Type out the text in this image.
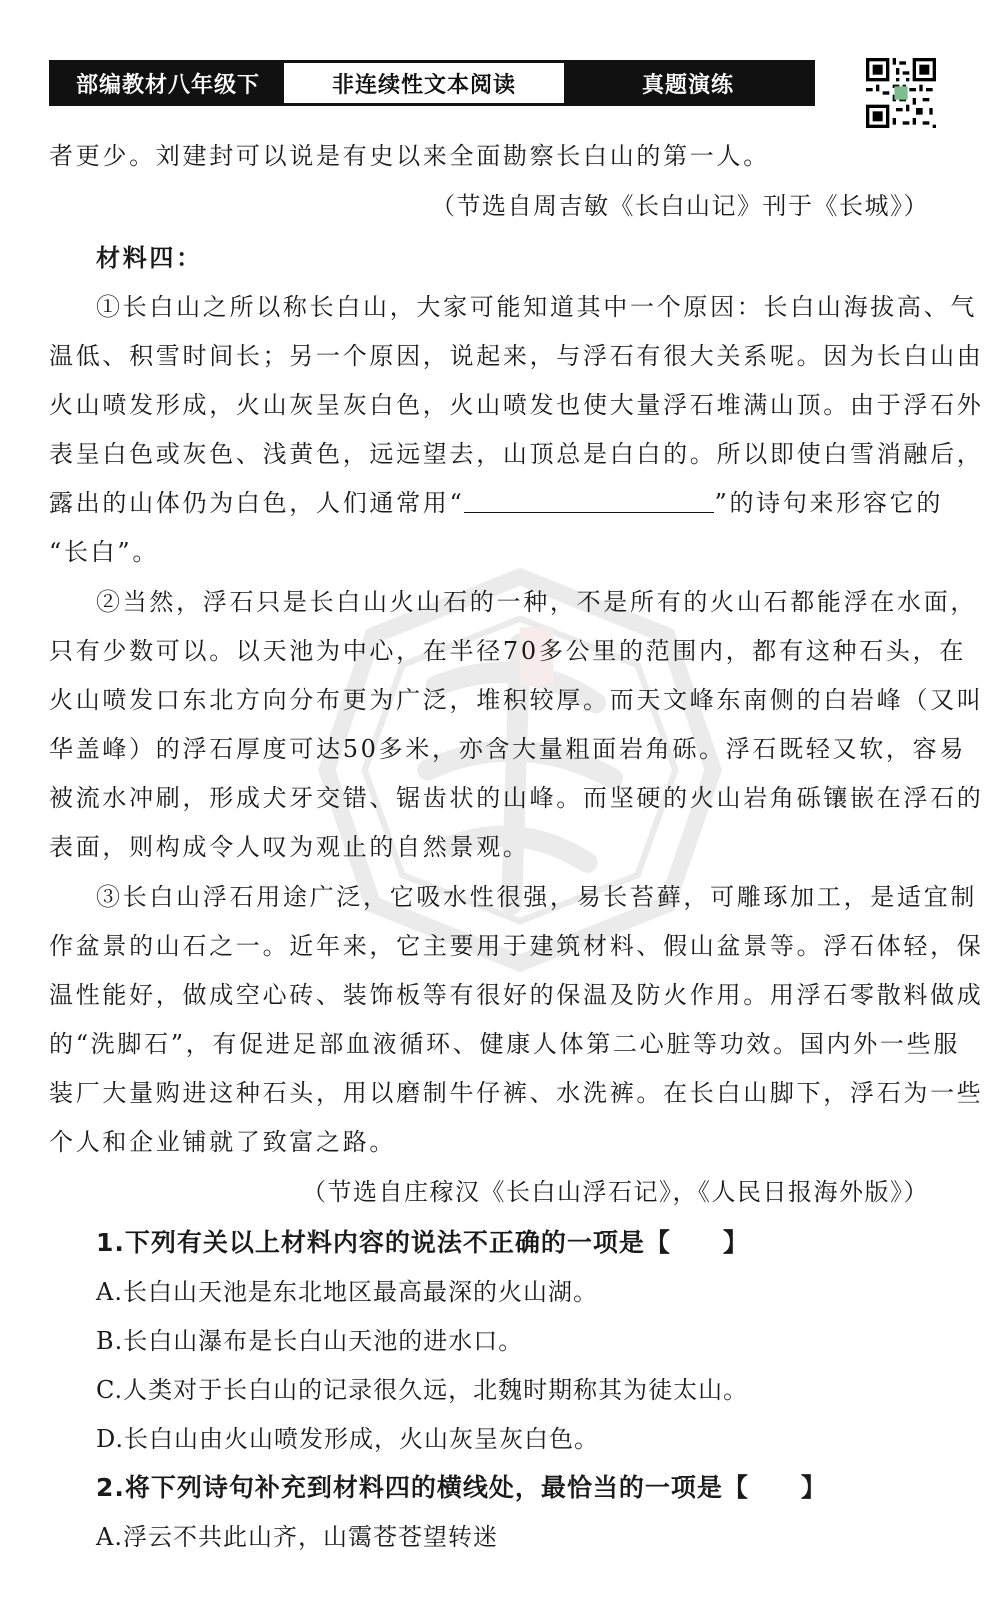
部编教材八年级下	非连续性文本阅读	真题演练
者更少。刘建封可以说是有史以来全面勘察长白山的第一人。
（节选自周吉敏《长白山记》刊于《长城》）
材料四：
①长白山之所以称长白山，大家可能知道其中一个原因：长白山海拔高、气
温低、积雪时间长；另一个原因，说起来，与浮石有很大关系呢。因为长白山由
火山喷发形成，火山灰呈灰白色，火山喷发也使大量浮石堆满山顶。由于浮石外
表呈白色或灰色、浅黄色，远远望去，山顶总是白白的。所以即使白雪消融后，
露出的山体仍为白色，人们通常用“	”的诗句来形容它的
“长白”。
②当然，浮石只是长白山火山石的一种，不是所有的火山石都能浮在水面，
只有少数可以。以天池为中心，在半径70多公里的范围内，都有这种石头，在
火山喷发口东北方向分布更为广泛，堆积较厚。而天文峰东南侧的白岩峰（又叫
华盖峰）的浮石厚度可达50多米，亦含大量粗面岩角砾。浮石既轻又软，容易
被流水冲刷，形成犬牙交错、锯齿状的山峰。而坚硬的火山岩角砾镶嵌在浮石的
表面，则构成令人叹为观止的自然景观。
③长白山浮石用途广泛，它吸水性很强，易长苔藓，可雕琢加工，是适宜制
作盆景的山石之一。近年来，它主要用于建筑材料、假山盆景等。浮石体轻，保
温性能好，做成空心砖、装饰板等有很好的保温及防火作用。用浮石零散料做成
的“洗脚石”，有促进足部血液循环、健康人体第二心脏等功效。国内外一些服
装厂大量购进这种石头，用以磨制牛仔裤、水洗裤。在长白山脚下，浮石为一些
个人和企业铺就了致富之路。
（节选自庄稼汉《长白山浮石记》，《人民日报海外版》）
1.下列有关以上材料内容的说法不正确的一项是【　　】
A.长白山天池是东北地区最高最深的火山湖。
B.长白山瀑布是长白山天池的进水口。
C.人类对于长白山的记录很久远，北魏时期称其为徒太山。
D.长白山由火山喷发形成，火山灰呈灰白色。
2.将下列诗句补充到材料四的横线处，最恰当的一项是【　　】
A.浮云不共此山齐，山霭苍苍望转迷
